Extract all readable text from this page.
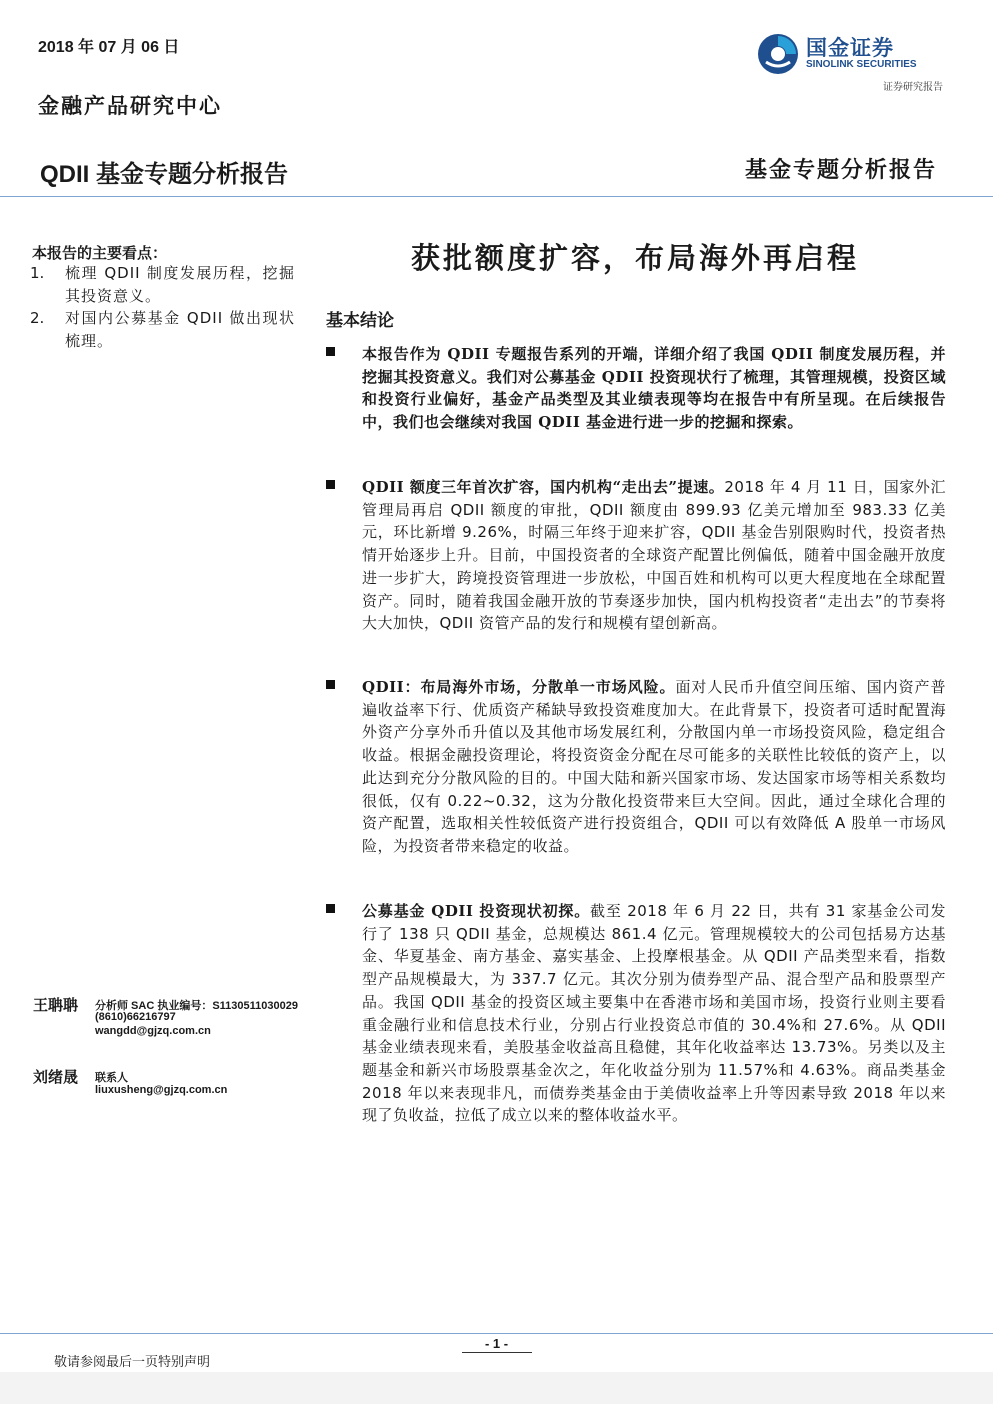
2018 年 07 月 06 日	国金证券
SINOLINK SECURITIES
证券研究报告
金融产品研究中心
QDII 基金专题分析报告	基金专题分析报告
本报告的主要看点：
1.	梳理 QDII 制度发展历程，挖掘其投资意义。
2.	对国内公募基金 QDII 做出现状梳理。
获批额度扩容，布局海外再启程
基本结论
本报告作为 QDII 专题报告系列的开端，详细介绍了我国 QDII 制度发展历程，并挖掘其投资意义。我们对公募基金 QDII 投资现状行了梳理，其管理规模，投资区域和投资行业偏好，基金产品类型及其业绩表现等均在报告中有所呈现。在后续报告中，我们也会继续对我国 QDII 基金进行进一步的挖掘和探索。
QDII 额度三年首次扩容，国内机构“走出去”提速。2018 年 4 月 11 日，国家外汇管理局再启 QDII 额度的审批，QDII 额度由 899.93 亿美元增加至 983.33 亿美元，环比新增 9.26%，时隔三年终于迎来扩容，QDII 基金告别限购时代，投资者热情开始逐步上升。目前，中国投资者的全球资产配置比例偏低，随着中国金融开放度进一步扩大，跨境投资管理进一步放松，中国百姓和机构可以更大程度地在全球配置资产。同时，随着我国金融开放的节奏逐步加快，国内机构投资者“走出去”的节奏将大大加快，QDII 资管产品的发行和规模有望创新高。
QDII：布局海外市场，分散单一市场风险。面对人民币升值空间压缩、国内资产普遍收益率下行、优质资产稀缺导致投资难度加大。在此背景下，投资者可适时配置海外资产分享外币升值以及其他市场发展红利，分散国内单一市场投资风险，稳定组合收益。根据金融投资理论，将投资资金分配在尽可能多的关联性比较低的资产上，以此达到充分分散风险的目的。中国大陆和新兴国家市场、发达国家市场等相关系数均很低，仅有 0.22~0.32，这为分散化投资带来巨大空间。因此，通过全球化合理的资产配置，选取相关性较低资产进行投资组合，QDII 可以有效降低 A 股单一市场风险，为投资者带来稳定的收益。
公募基金 QDII 投资现状初探。截至 2018 年 6 月 22 日，共有 31 家基金公司发行了 138 只 QDII 基金，总规模达 861.4 亿元。管理规模较大的公司包括易方达基金、华夏基金、南方基金、嘉实基金、上投摩根基金。从 QDII 产品类型来看，指数型产品规模最大，为 337.7 亿元。其次分别为债券型产品、混合型产品和股票型产品。我国 QDII 基金的投资区域主要集中在香港市场和美国市场，投资行业则主要看重金融行业和信息技术行业，分别占行业投资总市值的 30.4%和 27.6%。从 QDII 基金业绩表现来看，美股基金收益高且稳健，其年化收益率达 13.73%。另类以及主题基金和新兴市场股票基金次之，年化收益分别为 11.57%和 4.63%。商品类基金 2018 年以来表现非凡，而债券类基金由于美债收益率上升等因素导致 2018 年以来现了负收益，拉低了成立以来的整体收益水平。
王聃聃 分析师 SAC 执业编号：S1130511030029
(8610)66216797
wangdd@gjzq.com.cn
刘绪晟 联系人
liuxusheng@gjzq.com.cn
- 1 -
敬请参阅最后一页特别声明
